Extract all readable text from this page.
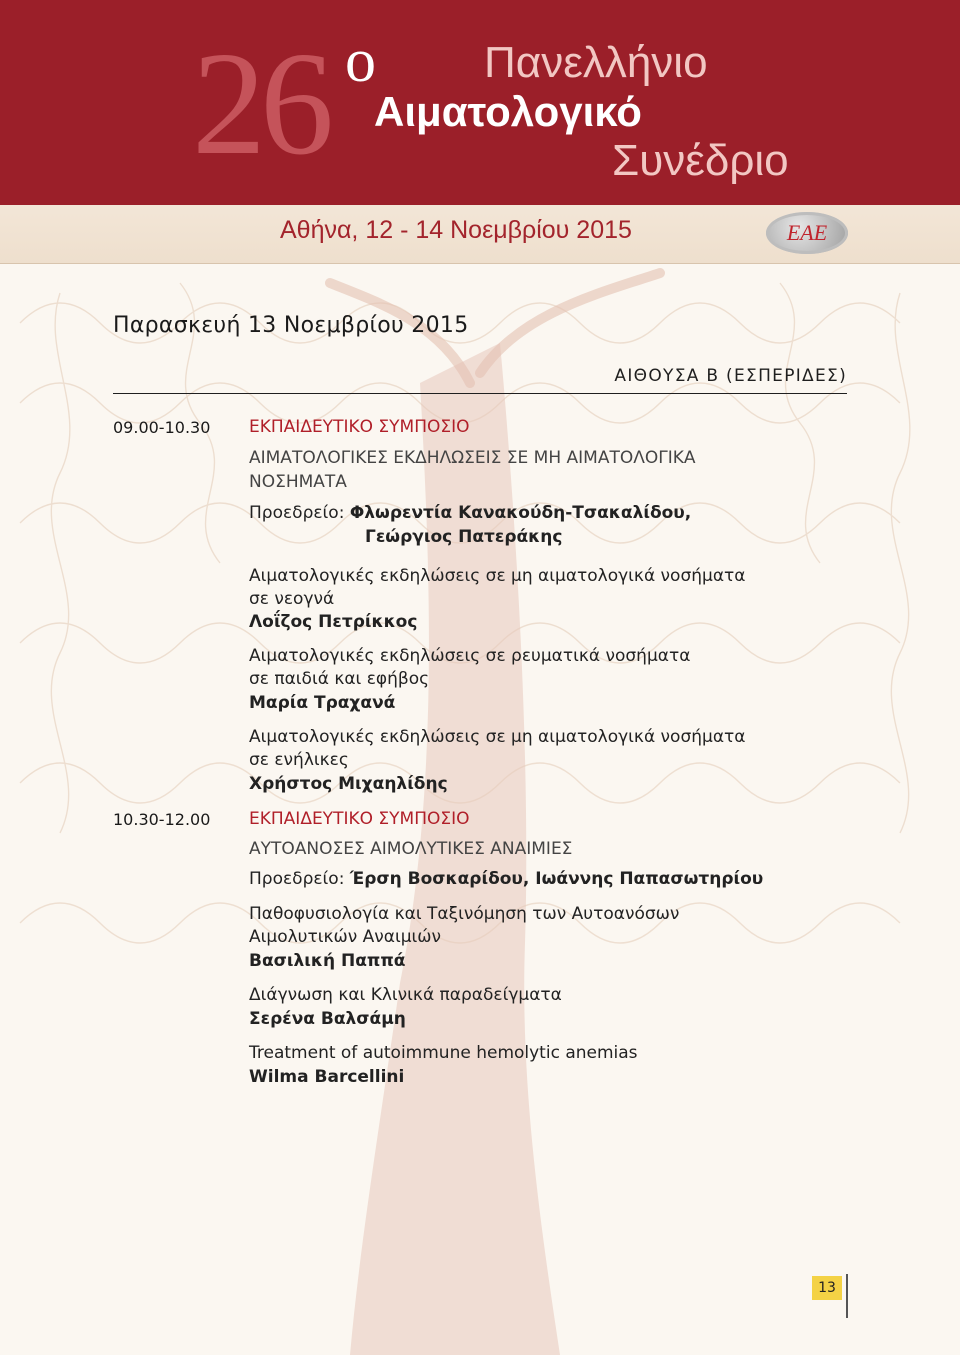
26 ο Πανελλήνιο
Αιματολογικό
Συνέδριο
Αθήνα, 12 - 14 Νοεμβρίου 2015	ΕΑΕ
Παρασκευή 13 Νοεμβρίου 2015
ΑΙΘΟΥΣΑ Β (ΕΣΠΕΡΙΔΕΣ)
09.00-10.30 ΕΚΠΑΙΔΕΥΤΙΚΟ ΣΥΜΠΟΣΙΟ
ΑΙΜΑΤΟΛΟΓΙΚΕΣ ΕΚΔΗΛΩΣΕΙΣ ΣΕ ΜΗ ΑΙΜΑΤΟΛΟΓΙΚΑ
ΝΟΣΗΜΑΤΑ
Προεδρείο: Φλωρεντία Κανακούδη-Τσακαλίδου,
Γεώργιος Πατεράκης
Αιματολογικές εκδηλώσεις σε μη αιματολογικά νοσήματα
σε νεογνά
Λοΐζος Πετρίκκος
Αιματολογικές εκδηλώσεις σε ρευματικά νοσήματα
σε παιδιά και εφήβος
Μαρία Τραχανά
Αιματολογικές εκδηλώσεις σε μη αιματολογικά νοσήματα
σε ενήλικες
Χρήστος Μιχαηλίδης
10.30-12.00 ΕΚΠΑΙΔΕΥΤΙΚΟ ΣΥΜΠΟΣΙΟ
ΑΥΤΟΑΝΟΣΕΣ ΑΙΜΟΛΥΤΙΚΕΣ ΑΝΑΙΜΙΕΣ
Προεδρείο: Έρση Βοσκαρίδου, Ιωάννης Παπασωτηρίου
Παθοφυσιολογία και Ταξινόμηση των Αυτοανόσων
Αιμολυτικών Αναιμιών
Βασιλική Παππά
Διάγνωση και Κλινικά παραδείγματα
Σερένα Βαλσάμη
Treatment of autoimmune hemolytic anemias
Wilma Barcellini
13
